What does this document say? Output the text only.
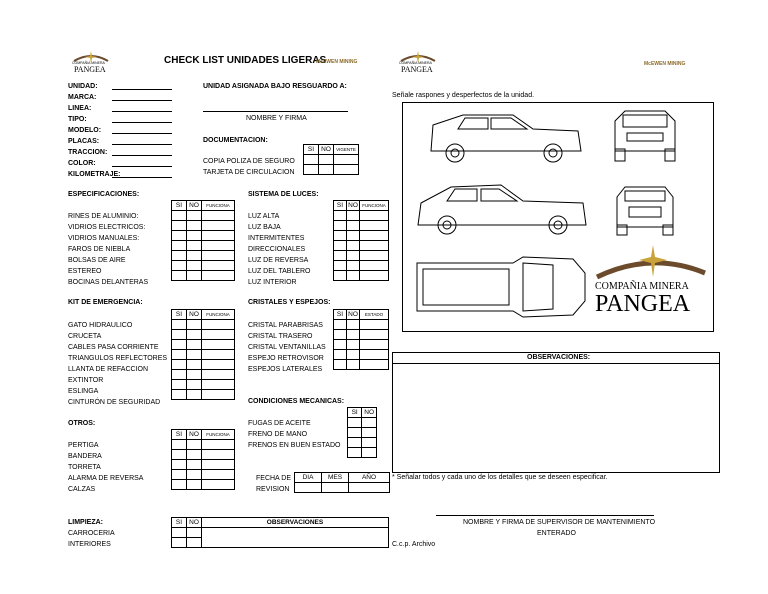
COMPAÑIA MINERA
PANGEA
CHECK LIST UNIDADES LIGERAS
McEWEN MINING	COMPAÑIA MINERA
PANGEA
McEWEN MINING
UNIDAD:
MARCA:
LINEA:
TIPO:
MODELO:
PLACAS:
TRACCION:
COLOR:
KILOMETRAJE:
UNIDAD ASIGNADA BAJO RESGUARDO A:
NOMBRE Y FIRMA
DOCUMENTACION:
SI	NO	VIGENTE

COPIA POLIZA DE SEGURO
TARJETA DE CIRCULACION
Señale raspones y desperfectos de la unidad.
COMPAÑIA MINERA
PANGEA
ESPECIFICACIONES:
SI	NO	FUNCIONA

RINES DE ALUMINIO:
VIDRIOS ELECTRICOS:
VIDRIOS MANUALES:
FAROS DE NIEBLA
BOLSAS DE AIRE
ESTEREO
BOCINAS DELANTERAS
SISTEMA DE LUCES:
SI	NO	FUNCIONA

LUZ ALTA
LUZ BAJA
INTERMITENTES
DIRECCIONALES
LUZ DE REVERSA
LUZ DEL TABLERO
LUZ INTERIOR
KIT DE EMERGENCIA:
SI	NO	FUNCIONA

GATO HIDRAULICO
CRUCETA
CABLES PASA CORRIENTE
TRIANGULOS REFLECTORES
LLANTA DE REFACCION
EXTINTOR
ESLINGA
CINTURÓN DE SEGURIDAD
CRISTALES Y ESPEJOS:
SI	NO	ESTADO

CRISTAL PARABRISAS
CRISTAL TRASERO
CRISTAL VENTANILLAS
ESPEJO RETROVISOR
ESPEJOS LATERALES
OBSERVACIONES:
CONDICIONES MECANICAS:
SI	NO

FUGAS DE ACEITE
FRENO DE MANO
FRENOS EN BUEN ESTADO
OTROS:
SI	NO	FUNCIONA

PERTIGA
BANDERA
TORRETA
ALARMA DE REVERSA
CALZAS
FECHA DE
REVISION
DIA	MES	AÑO
		* Señalar todos y cada uno de los detalles que se deseen especificar.
LIMPIEZA:	SI	NO	OBSERVACIONES

CARROCERIA
INTERIORES
NOMBRE Y FIRMA DE SUPERVISOR DE MANTENIMIENTO
ENTERADO
C.c.p. Archivo
